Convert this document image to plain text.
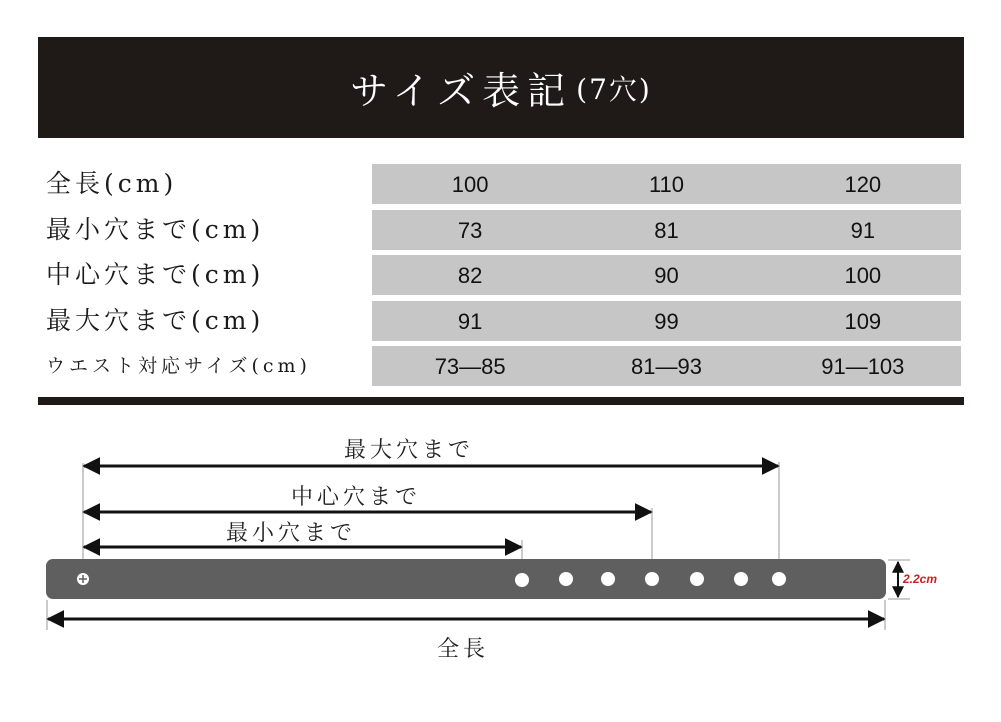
サイズ表記 (7穴)
全長(cm)	100	110	120
最小穴まで(cm)	73	81	91
中心穴まで(cm)	82	90	100
最大穴まで(cm)	91	99	109
ウエスト対応サイズ(cm)	73—85	81—93	91—103
最大穴まで
中心穴まで
最小穴まで
全長
2.2cm
